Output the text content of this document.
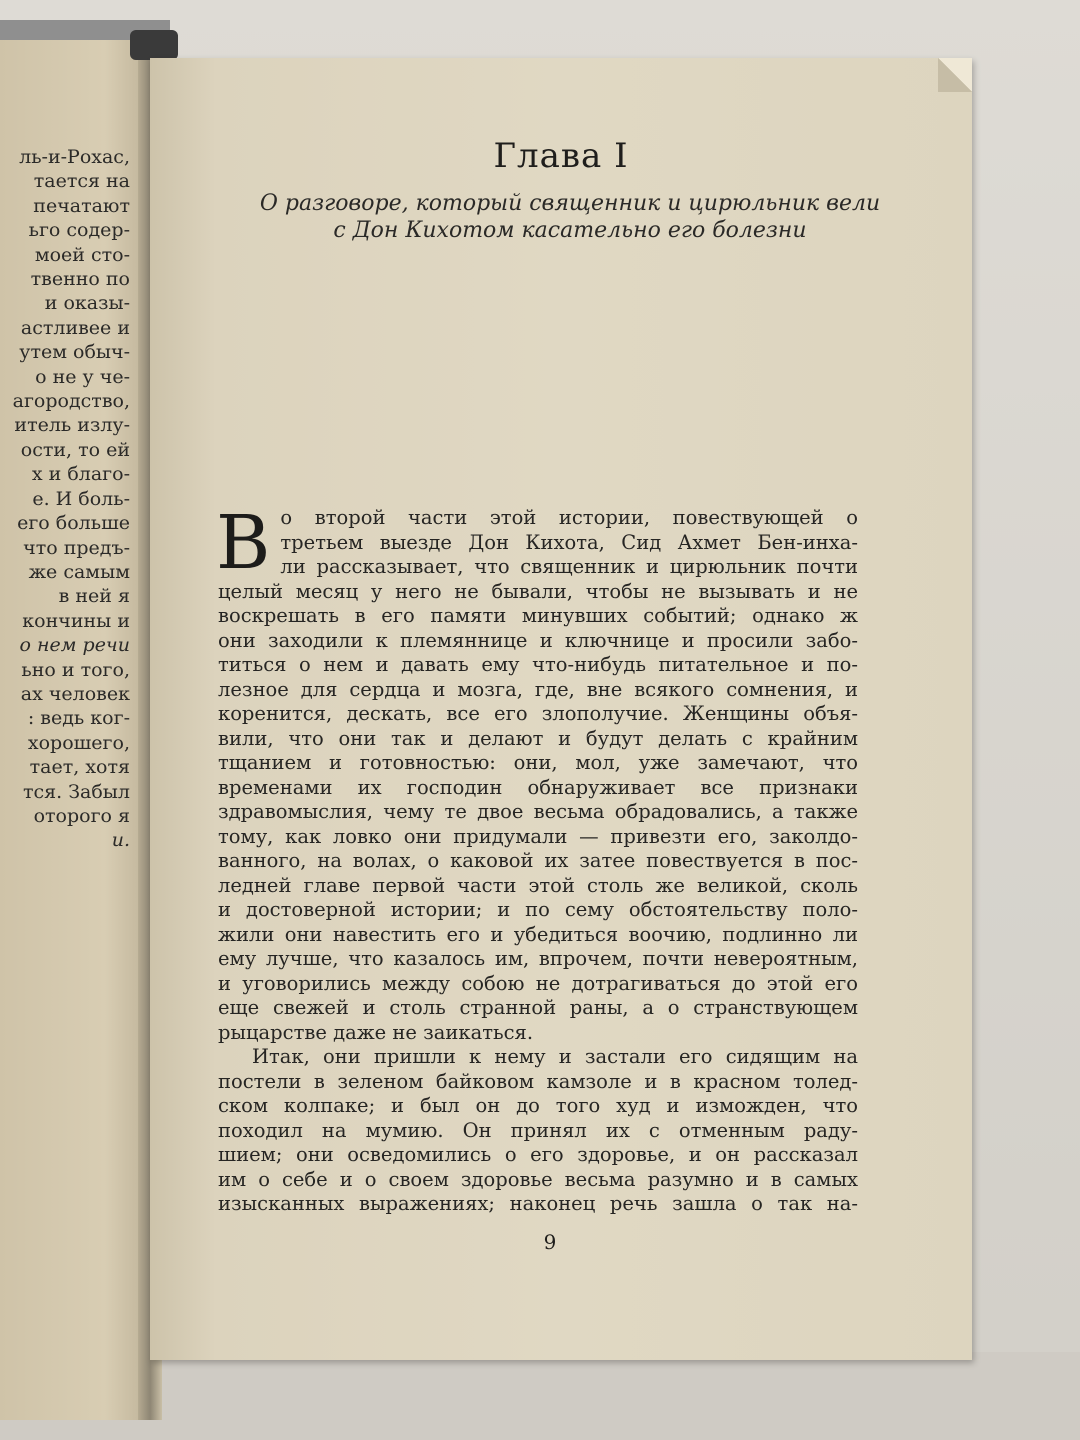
ль-и-Рохас,
тается на
печатают
ьго содер-
моей сто-
твенно по
и оказы-
астливее и
утем обыч-
о не у че-
агородство,
итель излу-
ости, то ей
х и благо-
е. И боль-
его больше
что предъ-
же самым
в ней я
кончины и
о нем речи
ьно и того,
ах человек
: ведь ког-
хорошего,
тает, хотя
тся. Забыл
оторого я
и.
Глава I
О разговоре, который священник и цирюльник вели
с Дон Кихотом касательно его болезни
В о второй части этой истории, повествующей о
третьем выезде Дон Кихота, Сид Ахмет Бен-инха-
ли рассказывает, что священник и цирюльник почти
целый месяц у него не бывали, чтобы не вызывать и не
воскрешать в его памяти минувших событий; однако ж
они заходили к племяннице и ключнице и просили забо-
титься о нем и давать ему что-нибудь питательное и по-
лезное для сердца и мозга, где, вне всякого сомнения, и
коренится, дескать, все его злополучие. Женщины объя-
вили, что они так и делают и будут делать с крайним
тщанием и готовностью: они, мол, уже замечают, что
временами их господин обнаруживает все признаки
здравомыслия, чему те двое весьма обрадовались, а также
тому, как ловко они придумали — привезти его, заколдо-
ванного, на волах, о каковой их затее повествуется в пос-
ледней главе первой части этой столь же великой, сколь
и достоверной истории; и по сему обстоятельству поло-
жили они навестить его и убедиться воочию, подлинно ли
ему лучше, что казалось им, впрочем, почти невероятным,
и уговорились между собою не дотрагиваться до этой его
еще свежей и столь странной раны, а о странствующем
рыцарстве даже не заикаться.
Итак, они пришли к нему и застали его сидящим на
постели в зеленом байковом камзоле и в красном толед-
ском колпаке; и был он до того худ и изможден, что
походил на мумию. Он принял их с отменным раду-
шием; они осведомились о его здоровье, и он рассказал
им о себе и о своем здоровье весьма разумно и в самых
изысканных выражениях; наконец речь зашла о так на-
9
